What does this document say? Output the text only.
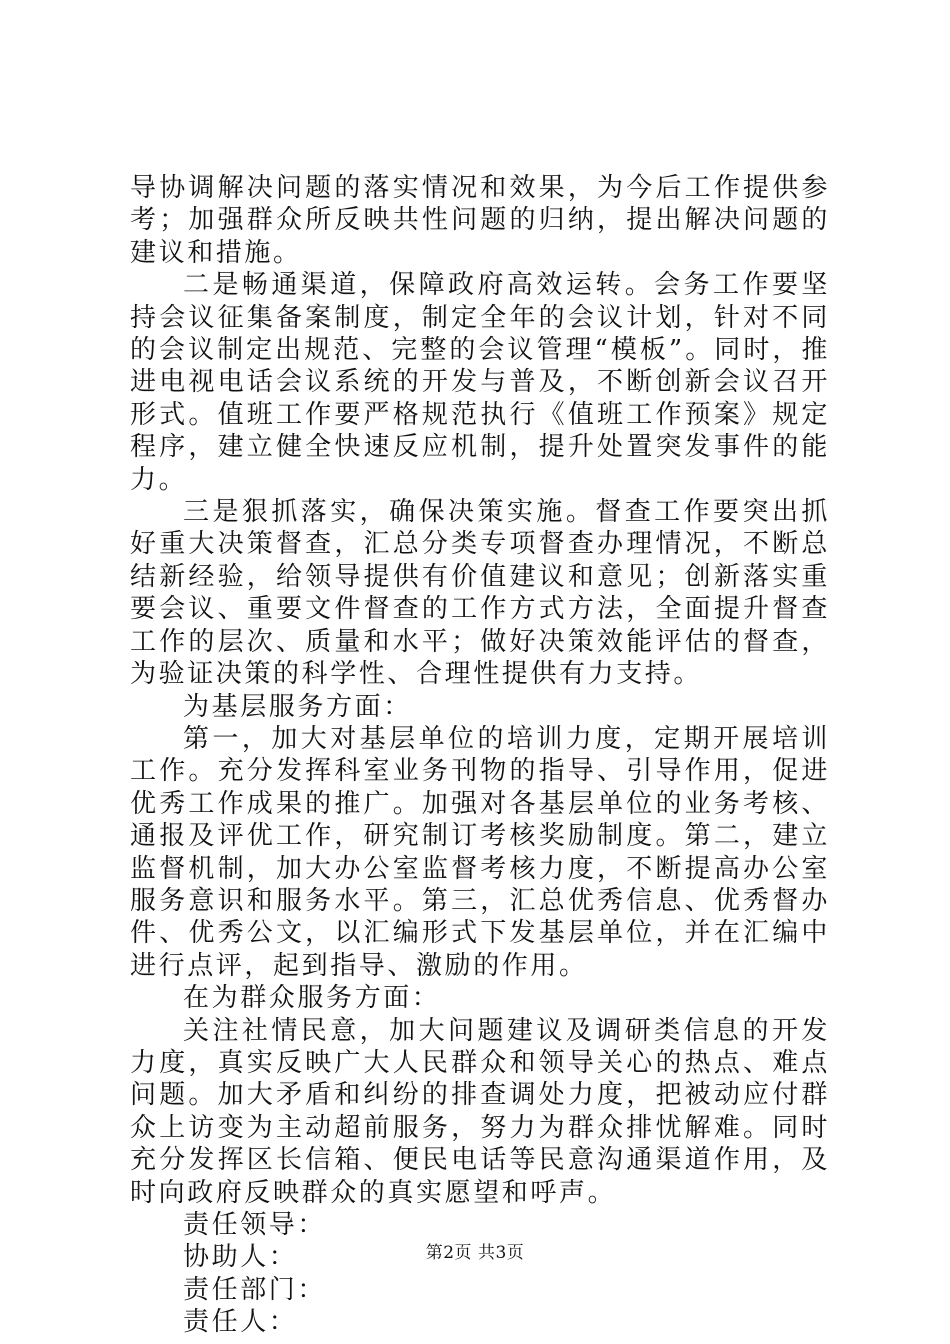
导协调解决问题的落实情况和效果，为今后工作提供参考；加强群众所反映共性问题的归纳，提出解决问题的建议和措施。

二是畅通渠道，保障政府高效运转。会务工作要坚持会议征集备案制度，制定全年的会议计划，针对不同的会议制定出规范、完整的会议管理“模板”。同时，推进电视电话会议系统的开发与普及，不断创新会议召开形式。值班工作要严格规范执行《值班工作预案》规定程序，建立健全快速反应机制，提升处置突发事件的能力。

三是狠抓落实，确保决策实施。督查工作要突出抓好重大决策督查，汇总分类专项督查办理情况，不断总结新经验，给领导提供有价值建议和意见；创新落实重要会议、重要文件督查的工作方式方法，全面提升督查工作的层次、质量和水平；做好决策效能评估的督查，为验证决策的科学性、合理性提供有力支持。

为基层服务方面：

第一，加大对基层单位的培训力度，定期开展培训工作。充分发挥科室业务刊物的指导、引导作用，促进优秀工作成果的推广。加强对各基层单位的业务考核、通报及评优工作，研究制订考核奖励制度。第二，建立监督机制，加大办公室监督考核力度，不断提高办公室服务意识和服务水平。第三，汇总优秀信息、优秀督办件、优秀公文，以汇编形式下发基层单位，并在汇编中进行点评，起到指导、激励的作用。

在为群众服务方面：

关注社情民意，加大问题建议及调研类信息的开发力度，真实反映广大人民群众和领导关心的热点、难点问题。加大矛盾和纠纷的排查调处力度，把被动应付群众上访变为主动超前服务，努力为群众排忧解难。同时充分发挥区长信箱、便民电话等民意沟通渠道作用，及时向政府反映群众的真实愿望和呼声。

责任领导：

协助人：

责任部门：

责任人：

第2页 共3页
